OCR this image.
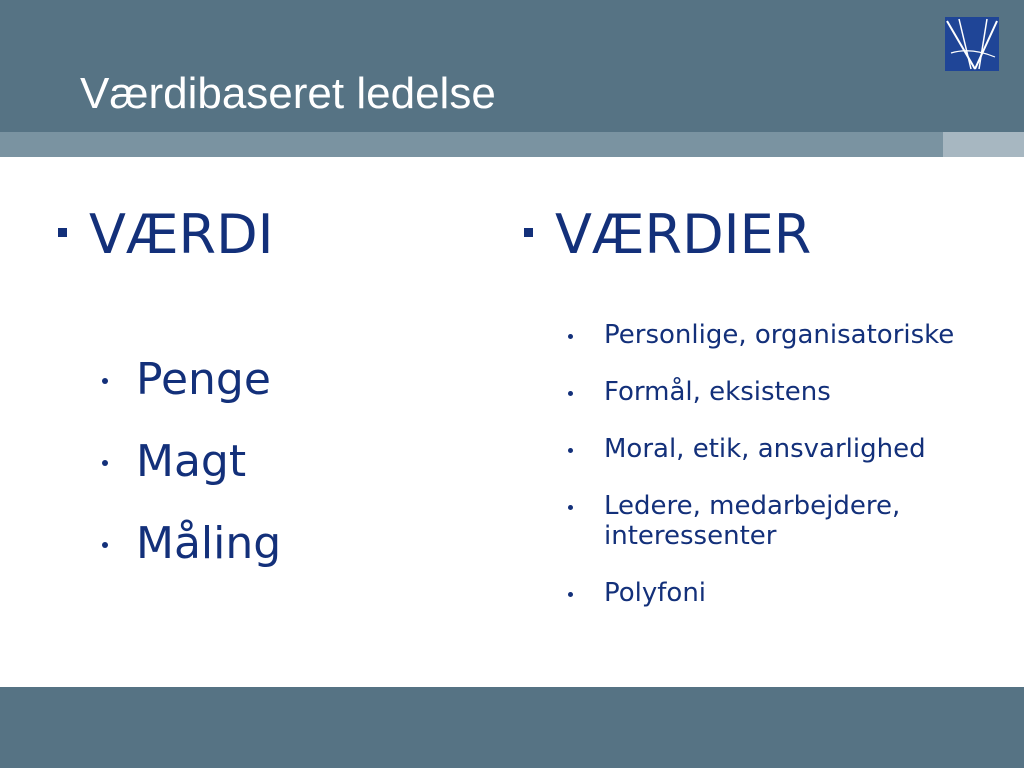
Værdibaseret ledelse
VÆRDI
Penge
Magt
Måling
VÆRDIER
Personlige, organisatoriske
Formål, eksistens
Moral, etik, ansvarlighed
Ledere, medarbejdere, interessenter
Polyfoni
